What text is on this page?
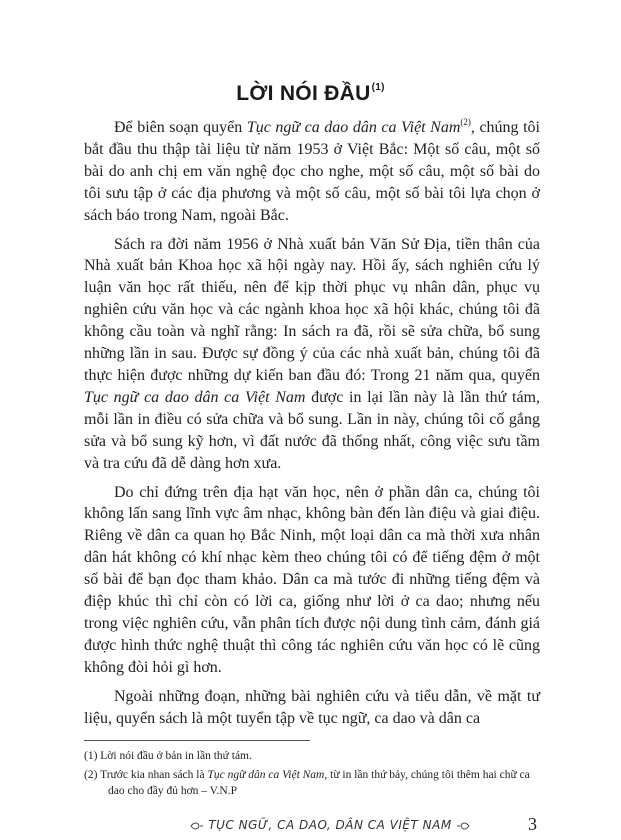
LỜI NÓI ĐẦU$^{(1)}$

Để biên soạn quyển Tục ngữ ca dao dân ca Việt Nam$^{(2)}$, chúng tôi bắt đầu thu thập tài liệu từ năm 1953 ở Việt Bắc: Một số câu, một số bài do anh chị em văn nghệ đọc cho nghe, một số câu, một số bài do tôi sưu tập ở các địa phương và một số câu, một số bài tôi lựa chọn ở sách báo trong Nam, ngoài Bắc.

Sách ra đời năm 1956 ở Nhà xuất bản Văn Sử Địa, tiền thân của Nhà xuất bản Khoa học xã hội ngày nay. Hồi ấy, sách nghiên cứu lý luận văn học rất thiếu, nên để kịp thời phục vụ nhân dân, phục vụ nghiên cứu văn học và các ngành khoa học xã hội khác, chúng tôi đã không cầu toàn và nghĩ rằng: In sách ra đã, rồi sẽ sửa chữa, bổ sung những lần in sau. Được sự đồng ý của các nhà xuất bản, chúng tôi đã thực hiện được những dự kiến ban đầu đó: Trong 21 năm qua, quyển Tục ngữ ca dao dân ca Việt Nam được in lại lần này là lần thứ tám, mỗi lần in điều có sửa chữa và bổ sung. Lần in này, chúng tôi cố gắng sửa và bổ sung kỹ hơn, vì đất nước đã thống nhất, công việc sưu tầm và tra cứu đã dễ dàng hơn xưa.

Do chỉ đứng trên địa hạt văn học, nên ở phần dân ca, chúng tôi không lấn sang lĩnh vực âm nhạc, không bàn đến làn điệu và giai điệu. Riêng về dân ca quan họ Bắc Ninh, một loại dân ca mà thời xưa nhân dân hát không có khí nhạc kèm theo chúng tôi có để tiếng đệm ở một số bài để bạn đọc tham khảo. Dân ca mà tước đi những tiếng đệm và điệp khúc thì chỉ còn có lời ca, giống như lời ở ca dao; nhưng nếu trong việc nghiên cứu, vẫn phân tích được nội dung tình cảm, đánh giá được hình thức nghệ thuật thì công tác nghiên cứu văn học có lẽ cũng không đòi hỏi gì hơn.

Ngoài những đoạn, những bài nghiên cứu và tiểu dẫn, về mặt tư liệu, quyển sách là một tuyển tập về tục ngữ, ca dao và dân ca

(1) Lời nói đầu ở bản in lần thứ tám.

(2) Trước kia nhan sách là Tục ngữ dân ca Việt Nam, từ in lần thứ bảy, chúng tôi thêm hai chữ ca dao cho đầy đủ hơn – V.N.P

TỤC NGỮ, CA DAO, DÂN CA VIỆT NAM	3
